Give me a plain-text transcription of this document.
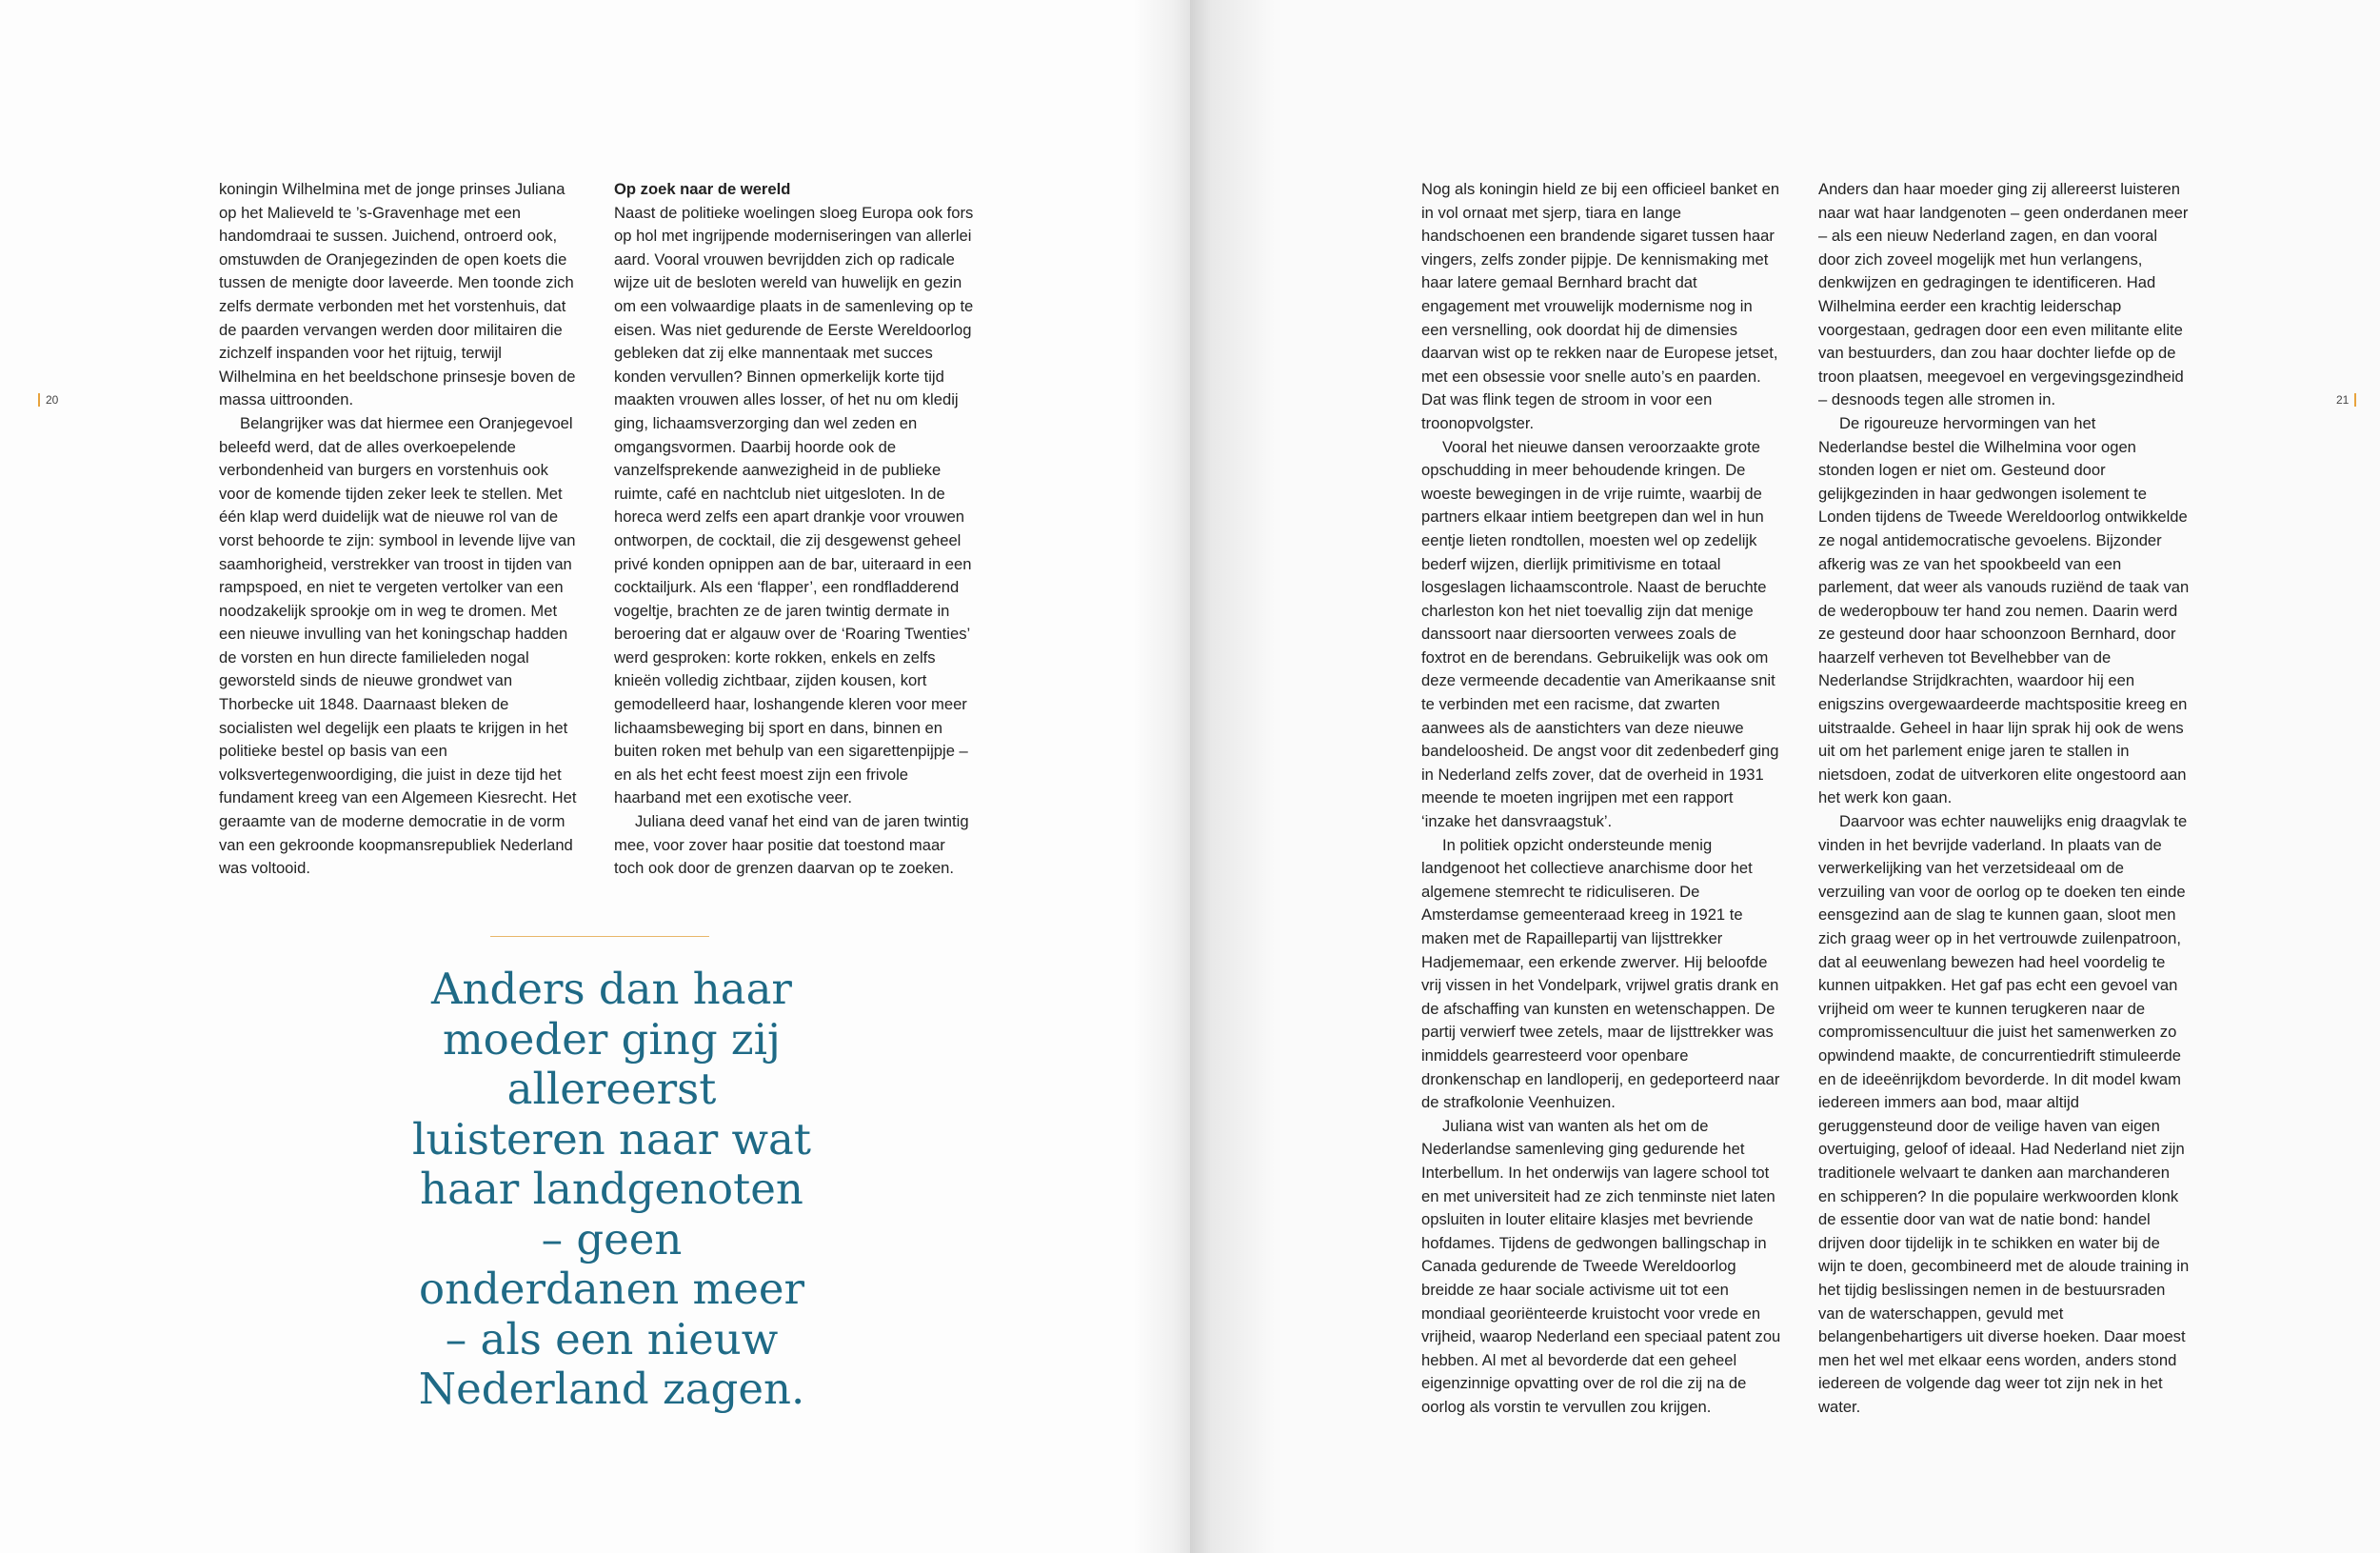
20

koningin Wilhelmina met de jonge prinses Juliana op het Malieveld te ’s-Gravenhage met een handomdraai te sussen. Juichend, ontroerd ook, omstuwden de Oranjegezinden de open koets die tussen de menigte door laveerde. Men toonde zich zelfs dermate verbonden met het vorstenhuis, dat de paarden vervangen werden door militairen die zichzelf inspanden voor het rijtuig, terwijl Wilhelmina en het beeldschone prinsesje boven de massa uittroonden.

Belangrijker was dat hiermee een Oranjegevoel beleefd werd, dat de alles overkoepelende verbondenheid van burgers en vorstenhuis ook voor de komende tijden zeker leek te stellen. Met één klap werd duidelijk wat de nieuwe rol van de vorst behoorde te zijn: symbool in levende lijve van saamhorigheid, verstrekker van troost in tijden van rampspoed, en niet te vergeten vertolker van een noodzakelijk sprookje om in weg te dromen. Met een nieuwe invulling van het koningschap hadden de vorsten en hun directe familieleden nogal geworsteld sinds de nieuwe grondwet van Thorbecke uit 1848. Daarnaast bleken de socialisten wel degelijk een plaats te krijgen in het politieke bestel op basis van een volksvertegenwoordiging, die juist in deze tijd het fundament kreeg van een Algemeen Kiesrecht. Het geraamte van de moderne democratie in de vorm van een gekroonde koopmansrepubliek Nederland was voltooid.

Op zoek naar de wereld

Naast de politieke woelingen sloeg Europa ook fors op hol met ingrijpende moderniseringen van allerlei aard. Vooral vrouwen bevrijdden zich op radicale wijze uit de besloten wereld van huwelijk en gezin om een volwaardige plaats in de samenleving op te eisen. Was niet gedurende de Eerste Wereldoorlog gebleken dat zij elke mannentaak met succes konden vervullen? Binnen opmerkelijk korte tijd maakten vrouwen alles losser, of het nu om kledij ging, lichaamsverzorging dan wel zeden en omgangsvormen. Daarbij hoorde ook de vanzelfsprekende aanwezigheid in de publieke ruimte, café en nachtclub niet uitgesloten. In de horeca werd zelfs een apart drankje voor vrouwen ontworpen, de cocktail, die zij desgewenst geheel privé konden opnippen aan de bar, uiteraard in een cocktailjurk. Als een ‘flapper’, een rondfladderend vogeltje, brachten ze de jaren twintig dermate in beroering dat er algauw over de ‘Roaring Twenties’ werd gesproken: korte rokken, enkels en zelfs knieën volledig zichtbaar, zijden kousen, kort gemodelleerd haar, loshangende kleren voor meer lichaamsbeweging bij sport en dans, binnen en buiten roken met behulp van een sigarettenpijpje – en als het echt feest moest zijn een frivole haarband met een exotische veer.

Juliana deed vanaf het eind van de jaren twintig mee, voor zover haar positie dat toestond maar toch ook door de grenzen daarvan op te zoeken.

Anders dan haar moeder ging zij allereerst luisteren naar wat haar landgenoten – geen onderdanen meer – als een nieuw Nederland zagen.

21

Nog als koningin hield ze bij een officieel banket en in vol ornaat met sjerp, tiara en lange handschoenen een brandende sigaret tussen haar vingers, zelfs zonder pijpje. De kennismaking met haar latere gemaal Bernhard bracht dat engagement met vrouwelijk modernisme nog in een versnelling, ook doordat hij de dimensies daarvan wist op te rekken naar de Europese jetset, met een obsessie voor snelle auto’s en paarden. Dat was flink tegen de stroom in voor een troonopvolgster.

Vooral het nieuwe dansen veroorzaakte grote opschudding in meer behoudende kringen. De woeste bewegingen in de vrije ruimte, waarbij de partners elkaar intiem beetgrepen dan wel in hun eentje lieten rondtollen, moesten wel op zedelijk bederf wijzen, dierlijk primitivisme en totaal losgeslagen lichaamscontrole. Naast de beruchte charleston kon het niet toevallig zijn dat menige danssoort naar diersoorten verwees zoals de foxtrot en de berendans. Gebruikelijk was ook om deze vermeende decadentie van Amerikaanse snit te verbinden met een racisme, dat zwarten aanwees als de aanstichters van deze nieuwe bandeloosheid. De angst voor dit zedenbederf ging in Nederland zelfs zover, dat de overheid in 1931 meende te moeten ingrijpen met een rapport ‘inzake het dansvraagstuk’.

In politiek opzicht ondersteunde menig landgenoot het collectieve anarchisme door het algemene stemrecht te ridiculiseren. De Amsterdamse gemeenteraad kreeg in 1921 te maken met de Rapaillepartij van lijsttrekker Hadjememaar, een erkende zwerver. Hij beloofde vrij vissen in het Vondelpark, vrijwel gratis drank en de afschaffing van kunsten en wetenschappen. De partij verwierf twee zetels, maar de lijsttrekker was inmiddels gearresteerd voor openbare dronkenschap en landloperij, en gedeporteerd naar de strafkolonie Veenhuizen.

Juliana wist van wanten als het om de Nederlandse samenleving ging gedurende het Interbellum. In het onderwijs van lagere school tot en met universiteit had ze zich tenminste niet laten opsluiten in louter elitaire klasjes met bevriende hofdames. Tijdens de gedwongen ballingschap in Canada gedurende de Tweede Wereldoorlog breidde ze haar sociale activisme uit tot een mondiaal georiënteerde kruistocht voor vrede en vrijheid, waarop Nederland een speciaal patent zou hebben. Al met al bevorderde dat een geheel eigenzinnige opvatting over de rol die zij na de oorlog als vorstin te vervullen zou krijgen.

Anders dan haar moeder ging zij allereerst luisteren naar wat haar landgenoten – geen onderdanen meer – als een nieuw Nederland zagen, en dan vooral door zich zoveel mogelijk met hun verlangens, denkwijzen en gedragingen te identificeren. Had Wilhelmina eerder een krachtig leiderschap voorgestaan, gedragen door een even militante elite van bestuurders, dan zou haar dochter liefde op de troon plaatsen, meegevoel en vergevingsgezindheid – desnoods tegen alle stromen in.

De rigoureuze hervormingen van het Nederlandse bestel die Wilhelmina voor ogen stonden logen er niet om. Gesteund door gelijkgezinden in haar gedwongen isolement te Londen tijdens de Tweede Wereldoorlog ontwikkelde ze nogal antidemocratische gevoelens. Bijzonder afkerig was ze van het spookbeeld van een parlement, dat weer als vanouds ruziënd de taak van de wederopbouw ter hand zou nemen. Daarin werd ze gesteund door haar schoonzoon Bernhard, door haarzelf verheven tot Bevelhebber van de Nederlandse Strijdkrachten, waardoor hij een enigszins overgewaardeerde machtspositie kreeg en uitstraalde. Geheel in haar lijn sprak hij ook de wens uit om het parlement enige jaren te stallen in nietsdoen, zodat de uitverkoren elite ongestoord aan het werk kon gaan.

Daarvoor was echter nauwelijks enig draagvlak te vinden in het bevrijde vaderland. In plaats van de verwerkelijking van het verzetsideaal om de verzuiling van voor de oorlog op te doeken ten einde eensgezind aan de slag te kunnen gaan, sloot men zich graag weer op in het vertrouwde zuilenpatroon, dat al eeuwenlang bewezen had heel voordelig te kunnen uitpakken. Het gaf pas echt een gevoel van vrijheid om weer te kunnen terugkeren naar de compromissencultuur die juist het samenwerken zo opwindend maakte, de concurrentiedrift stimuleerde en de ideeënrijkdom bevorderde. In dit model kwam iedereen immers aan bod, maar altijd geruggensteund door de veilige haven van eigen overtuiging, geloof of ideaal. Had Nederland niet zijn traditionele welvaart te danken aan marchanderen en schipperen? In die populaire werkwoorden klonk de essentie door van wat de natie bond: handel drijven door tijdelijk in te schikken en water bij de wijn te doen, gecombineerd met de aloude training in het tijdig beslissingen nemen in de bestuursraden van de waterschappen, gevuld met belangenbehartigers uit diverse hoeken. Daar moest men het wel met elkaar eens worden, anders stond iedereen de volgende dag weer tot zijn nek in het water.
